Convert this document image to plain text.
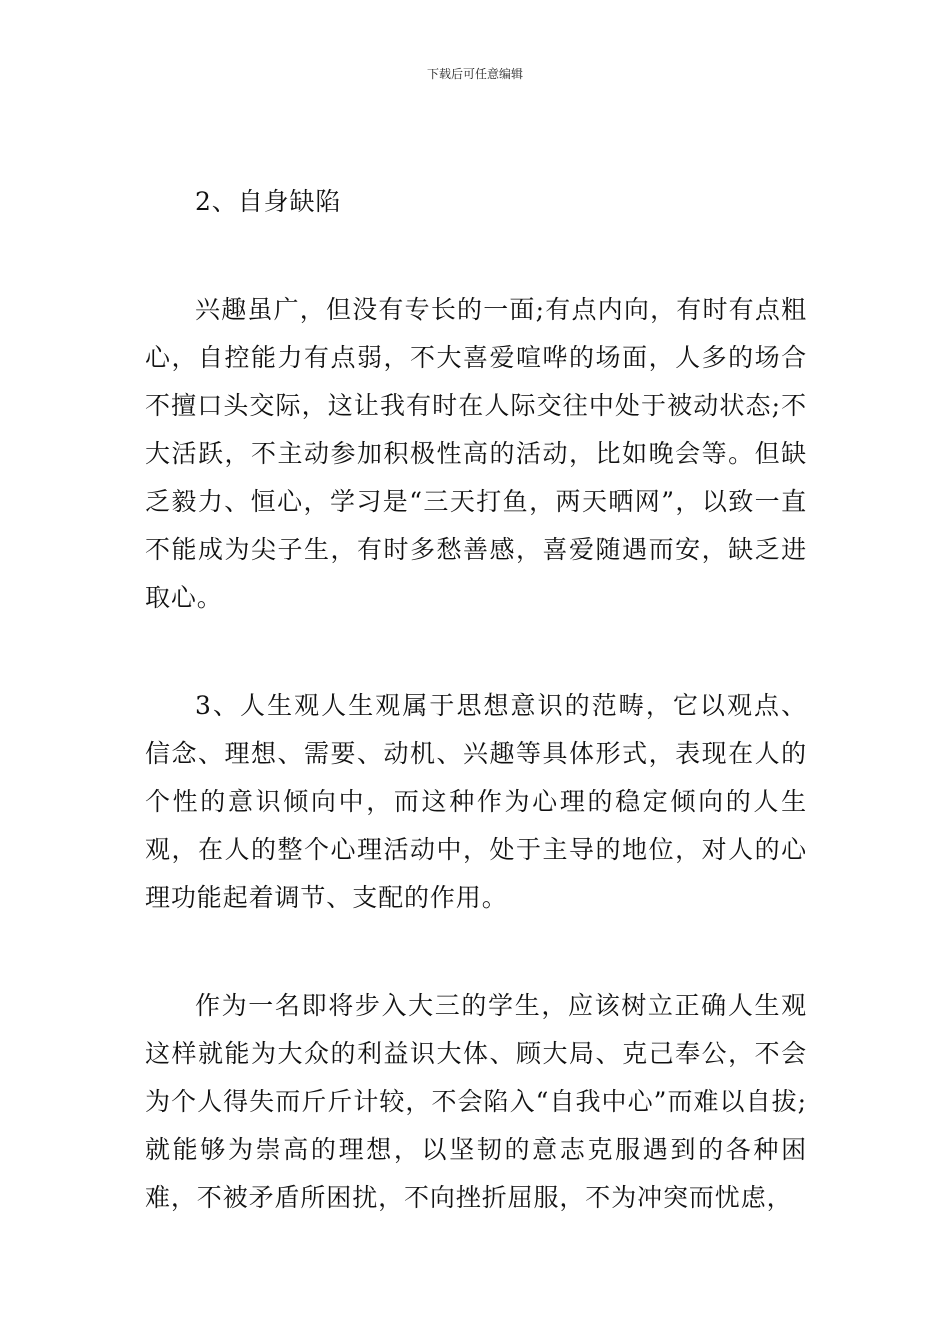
下载后可任意编辑

2、自身缺陷

兴趣虽广，但没有专长的一面;有点内向，有时有点粗心，自控能力有点弱，不大喜爱喧哗的场面，人多的场合不擅口头交际，这让我有时在人际交往中处于被动状态;不大活跃，不主动参加积极性高的活动，比如晚会等。但缺乏毅力、恒心，学习是“三天打鱼，两天晒网”，以致一直不能成为尖子生，有时多愁善感，喜爱随遇而安，缺乏进取心。

3、人生观人生观属于思想意识的范畴，它以观点、信念、理想、需要、动机、兴趣等具体形式，表现在人的个性的意识倾向中，而这种作为心理的稳定倾向的人生观，在人的整个心理活动中，处于主导的地位，对人的心理功能起着调节、支配的作用。

作为一名即将步入大三的学生，应该树立正确人生观这样就能为大众的利益识大体、顾大局、克己奉公，不会为个人得失而斤斤计较，不会陷入“自我中心”而难以自拔;就能够为崇高的理想，以坚韧的意志克服遇到的各种困难，不被矛盾所困扰，不向挫折屈服，不为冲突而忧虑，
